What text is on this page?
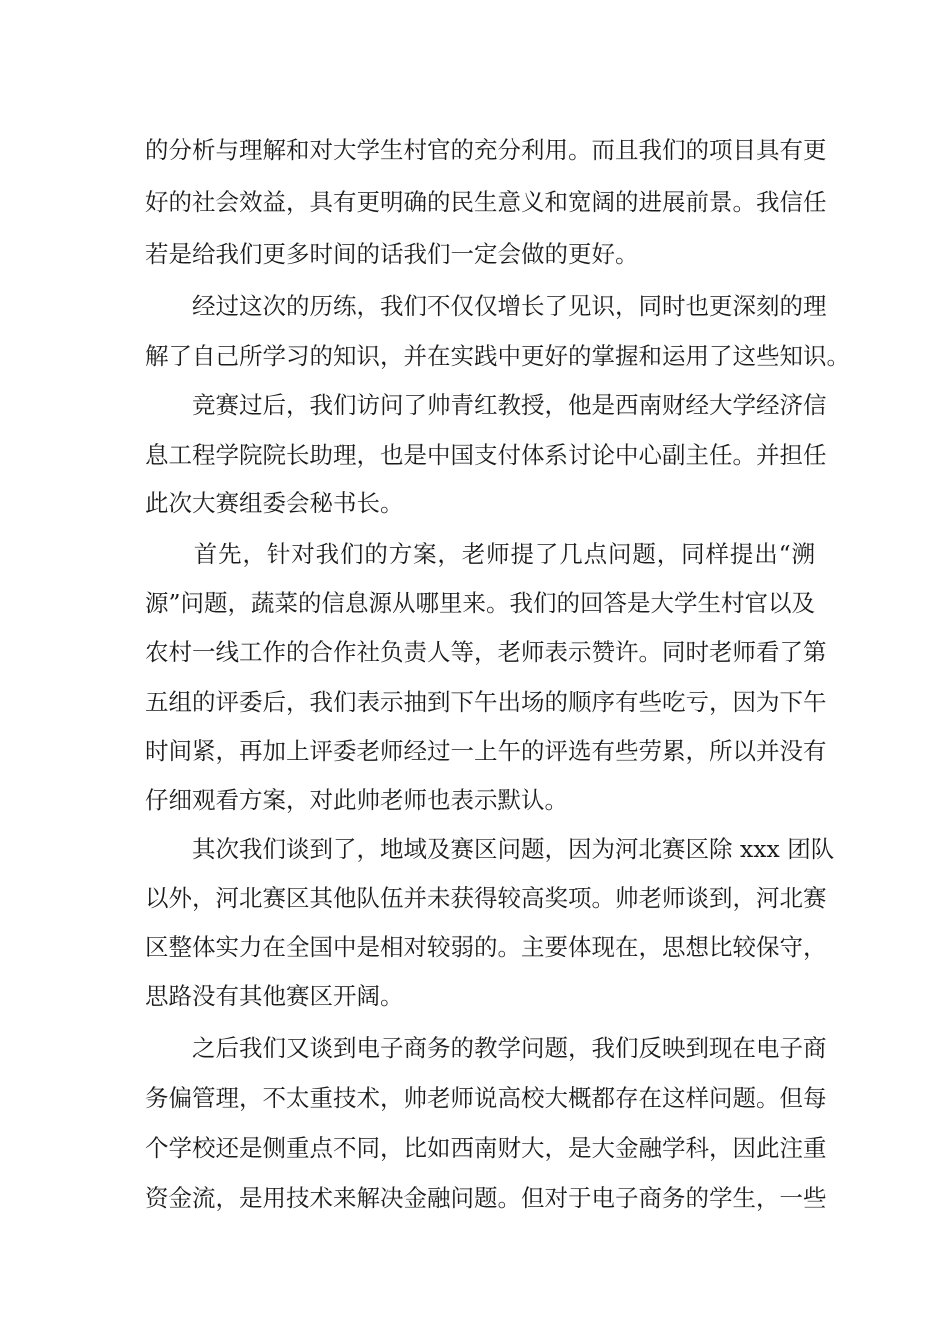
的分析与理解和对大学生村官的充分利用。而且我们的项目具有更
好的社会效益，具有更明确的民生意义和宽阔的进展前景。我信任
若是给我们更多时间的话我们一定会做的更好。
　　经过这次的历练，我们不仅仅增长了见识，同时也更深刻的理
解了自己所学习的知识，并在实践中更好的掌握和运用了这些知识。
　　竞赛过后，我们访问了帅青红教授，他是西南财经大学经济信
息工程学院院长助理，也是中国支付体系讨论中心副主任。并担任
此次大赛组委会秘书长。
　　首先，针对我们的方案，老师提了几点问题，同样提出“溯
源”问题，蔬菜的信息源从哪里来。我们的回答是大学生村官以及
农村一线工作的合作社负责人等，老师表示赞许。同时老师看了第
五组的评委后，我们表示抽到下午出场的顺序有些吃亏，因为下午
时间紧，再加上评委老师经过一上午的评选有些劳累，所以并没有
仔细观看方案，对此帅老师也表示默认。
　　其次我们谈到了，地域及赛区问题，因为河北赛区除 xxx 团队
以外，河北赛区其他队伍并未获得较高奖项。帅老师谈到，河北赛
区整体实力在全国中是相对较弱的。主要体现在，思想比较保守，
思路没有其他赛区开阔。
　　之后我们又谈到电子商务的教学问题，我们反映到现在电子商
务偏管理，不太重技术，帅老师说高校大概都存在这样问题。但每
个学校还是侧重点不同，比如西南财大，是大金融学科，因此注重
资金流，是用技术来解决金融问题。但对于电子商务的学生，一些
